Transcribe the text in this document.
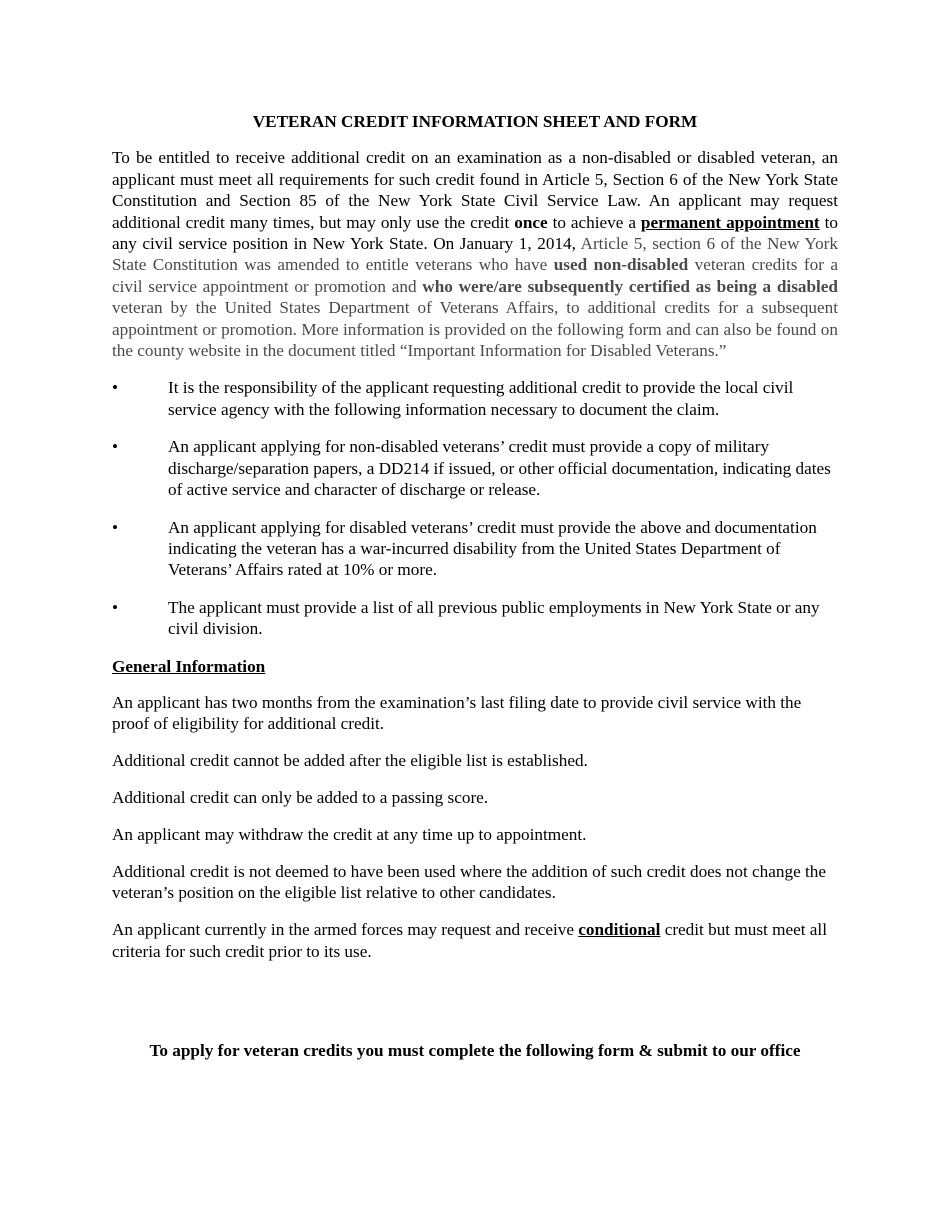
VETERAN CREDIT INFORMATION SHEET AND FORM

To be entitled to receive additional credit on an examination as a non-disabled or disabled veteran, an applicant must meet all requirements for such credit found in Article 5, Section 6 of the New York State Constitution and Section 85 of the New York State Civil Service Law. An applicant may request additional credit many times, but may only use the credit once to achieve a permanent appointment to any civil service position in New York State. On January 1, 2014, Article 5, section 6 of the New York State Constitution was amended to entitle veterans who have used non-disabled veteran credits for a civil service appointment or promotion and who were/are subsequently certified as being a disabled veteran by the United States Department of Veterans Affairs, to additional credits for a subsequent appointment or promotion. More information is provided on the following form and can also be found on the county website in the document titled “Important Information for Disabled Veterans.”

•	It is the responsibility of the applicant requesting additional credit to provide the local civil service agency with the following information necessary to document the claim.
•	An applicant applying for non-disabled veterans’ credit must provide a copy of military discharge/separation papers, a DD214 if issued, or other official documentation, indicating dates of active service and character of discharge or release.
•	An applicant applying for disabled veterans’ credit must provide the above and documentation indicating the veteran has a war-incurred disability from the United States Department of Veterans’ Affairs rated at 10% or more.
•	The applicant must provide a list of all previous public employments in New York State or any civil division.
General Information

An applicant has two months from the examination’s last filing date to provide civil service with the proof of eligibility for additional credit.

Additional credit cannot be added after the eligible list is established.

Additional credit can only be added to a passing score.

An applicant may withdraw the credit at any time up to appointment.

Additional credit is not deemed to have been used where the addition of such credit does not change the veteran’s position on the eligible list relative to other candidates.

An applicant currently in the armed forces may request and receive conditional credit but must meet all criteria for such credit prior to its use.

To apply for veteran credits you must complete the following form & submit to our office
